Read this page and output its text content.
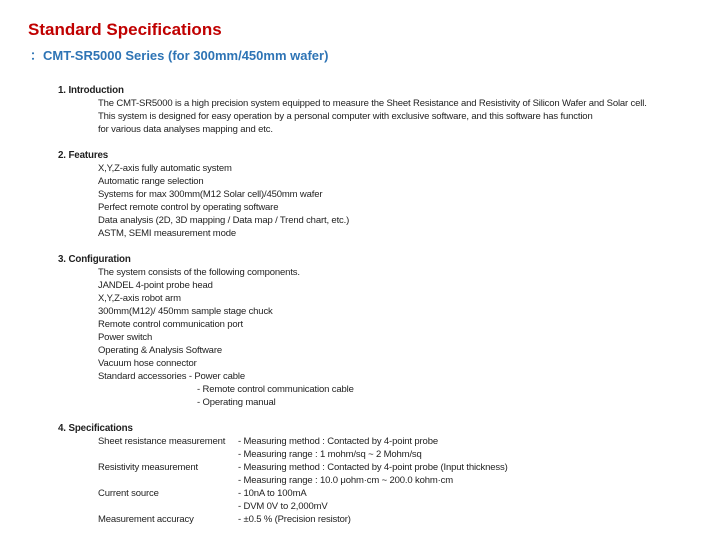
Standard Specifications
：CMT-SR5000 Series (for 300mm/450mm wafer)
1. Introduction
The CMT-SR5000 is a high precision system equipped to measure the Sheet Resistance and Resistivity of Silicon Wafer and Solar cell.
This system is designed for easy operation by a personal computer with exclusive software, and this software has function
for various data analyses mapping and etc.
2. Features
X,Y,Z-axis fully automatic system
Automatic range selection
Systems for max 300mm(M12 Solar cell)/450mm wafer
Perfect remote control by operating software
Data analysis (2D, 3D mapping / Data map / Trend chart, etc.)
ASTM, SEMI measurement mode
3. Configuration
The system consists of the following components.
JANDEL 4-point probe head
X,Y,Z-axis robot arm
300mm(M12)/ 450mm sample stage chuck
Remote control communication port
Power switch
Operating & Analysis Software
Vacuum hose connector
Standard accessories - Power cable
- Remote control communication cable
- Operating manual
4. Specifications
Sheet resistance measurement	- Measuring method : Contacted by 4-point probe
- Measuring range : 1 mohm/sq ~ 2 Mohm/sq
Resistivity measurement	- Measuring method : Contacted by 4-point probe (Input thickness)
- Measuring range : 10.0 μohm·cm ~ 200.0 kohm·cm
Current source	- 10nA to 100mA
- DVM 0V to 2,000mV
Measurement accuracy	- ±0.5 % (Precision resistor)
